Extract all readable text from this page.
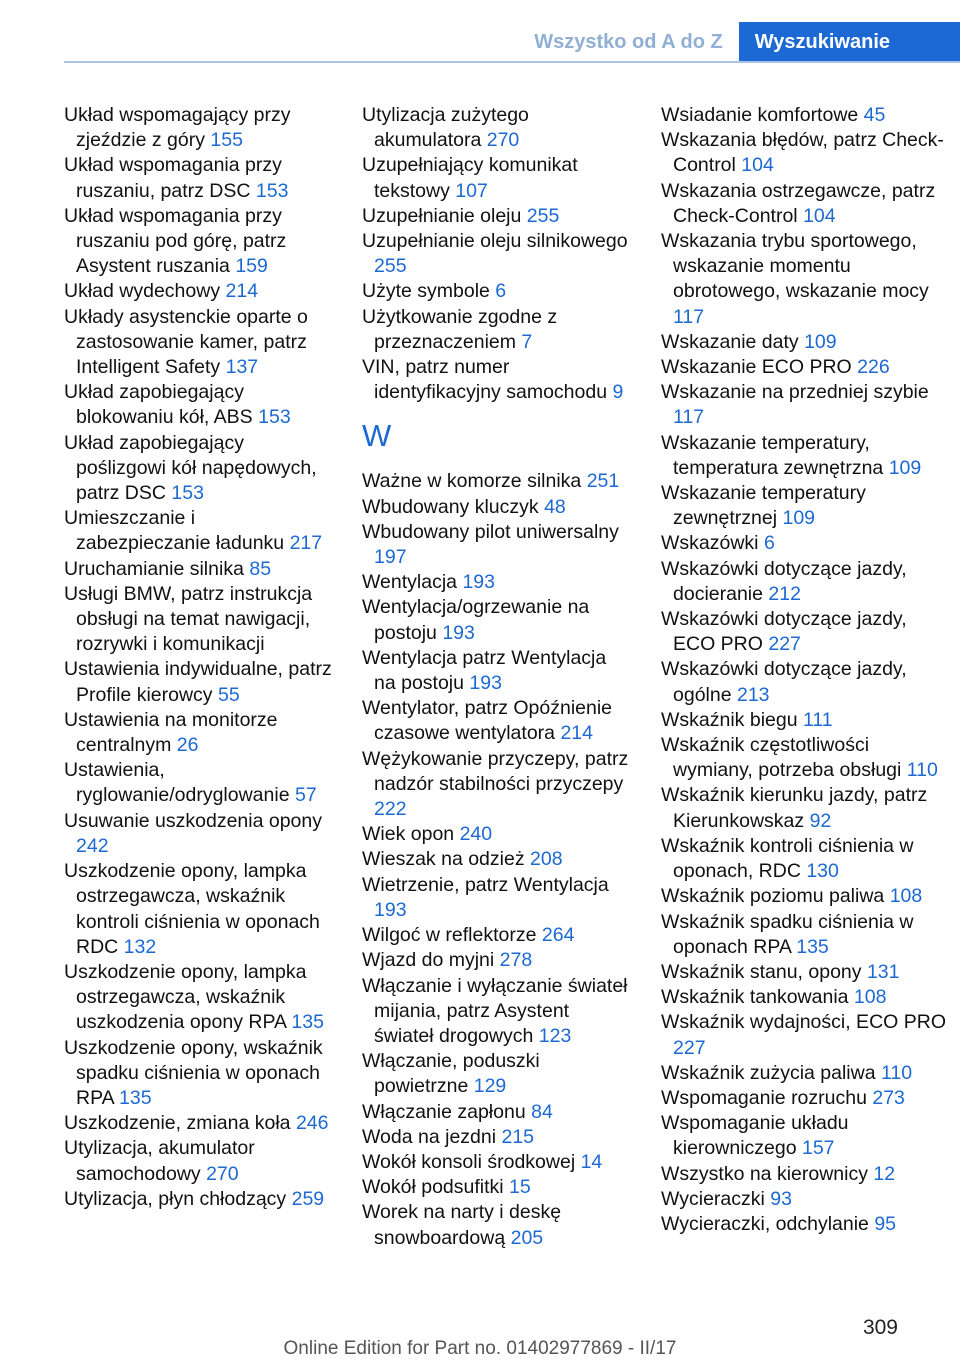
Wszystko od A do Z	Wyszukiwanie
Układ wspomagający przy zjeździe z góry 155
Układ wspomagania przy ruszaniu, patrz DSC 153
Układ wspomagania przy ruszaniu pod górę, patrz Asystent ruszania 159
Układ wydechowy 214
Układy asystenckie oparte o zastosowanie kamer, patrz Intelligent Safety 137
Układ zapobiegający blokowaniu kół, ABS 153
Układ zapobiegający poślizgowi kół napędowych, patrz DSC 153
Umieszczanie i zabezpieczanie ładunku 217
Uruchamianie silnika 85
Usługi BMW, patrz instrukcja obsługi na temat nawigacji, rozrywki i komunikacji
Ustawienia indywidualne, patrz Profile kierowcy 55
Ustawienia na monitorze centralnym 26
Ustawienia, ryglowanie/odryglowanie 57
Usuwanie uszkodzenia opony 242
Uszkodzenie opony, lampka ostrzegawcza, wskaźnik kontroli ciśnienia w oponach RDC 132
Uszkodzenie opony, lampka ostrzegawcza, wskaźnik uszkodzenia opony RPA 135
Uszkodzenie opony, wskaźnik spadku ciśnienia w oponach RPA 135
Uszkodzenie, zmiana koła 246
Utylizacja, akumulator samochodowy 270
Utylizacja, płyn chłodzący 259
Utylizacja zużytego akumulatora 270
Uzupełniający komunikat tekstowy 107
Uzupełnianie oleju 255
Uzupełnianie oleju silnikowego 255
Użyte symbole 6
Użytkowanie zgodne z przeznaczeniem 7
VIN, patrz numer identyfikacyjny samochodu 9
W
Ważne w komorze silnika 251
Wbudowany kluczyk 48
Wbudowany pilot uniwersalny 197
Wentylacja 193
Wentylacja/ogrzewanie na postoju 193
Wentylacja patrz Wentylacja na postoju 193
Wentylator, patrz Opóźnienie czasowe wentylatora 214
Wężykowanie przyczepy, patrz nadzór stabilności przyczepy 222
Wiek opon 240
Wieszak na odzież 208
Wietrzenie, patrz Wentylacja 193
Wilgoć w reflektorze 264
Wjazd do myjni 278
Włączanie i wyłączanie świateł mijania, patrz Asystent świateł drogowych 123
Włączanie, poduszki powietrzne 129
Włączanie zapłonu 84
Woda na jezdni 215
Wokół konsoli środkowej 14
Wokół podsufitki 15
Worek na narty i deskę snowboardową 205
Wsiadanie komfortowe 45
Wskazania błędów, patrz Check-Control 104
Wskazania ostrzegawcze, patrz Check-Control 104
Wskazania trybu sportowego, wskazanie momentu obrotowego, wskazanie mocy 117
Wskazanie daty 109
Wskazanie ECO PRO 226
Wskazanie na przedniej szybie 117
Wskazanie temperatury, temperatura zewnętrzna 109
Wskazanie temperatury zewnętrznej 109
Wskazówki 6
Wskazówki dotyczące jazdy, docieranie 212
Wskazówki dotyczące jazdy, ECO PRO 227
Wskazówki dotyczące jazdy, ogólne 213
Wskaźnik biegu 111
Wskaźnik częstotliwości wymiany, potrzeba obsługi 110
Wskaźnik kierunku jazdy, patrz Kierunkowskaz 92
Wskaźnik kontroli ciśnienia w oponach, RDC 130
Wskaźnik poziomu paliwa 108
Wskaźnik spadku ciśnienia w oponach RPA 135
Wskaźnik stanu, opony 131
Wskaźnik tankowania 108
Wskaźnik wydajności, ECO PRO 227
Wskaźnik zużycia paliwa 110
Wspomaganie rozruchu 273
Wspomaganie układu kierowniczego 157
Wszystko na kierownicy 12
Wycieraczki 93
Wycieraczki, odchylanie 95
309
Online Edition for Part no. 01402977869 - II/17
